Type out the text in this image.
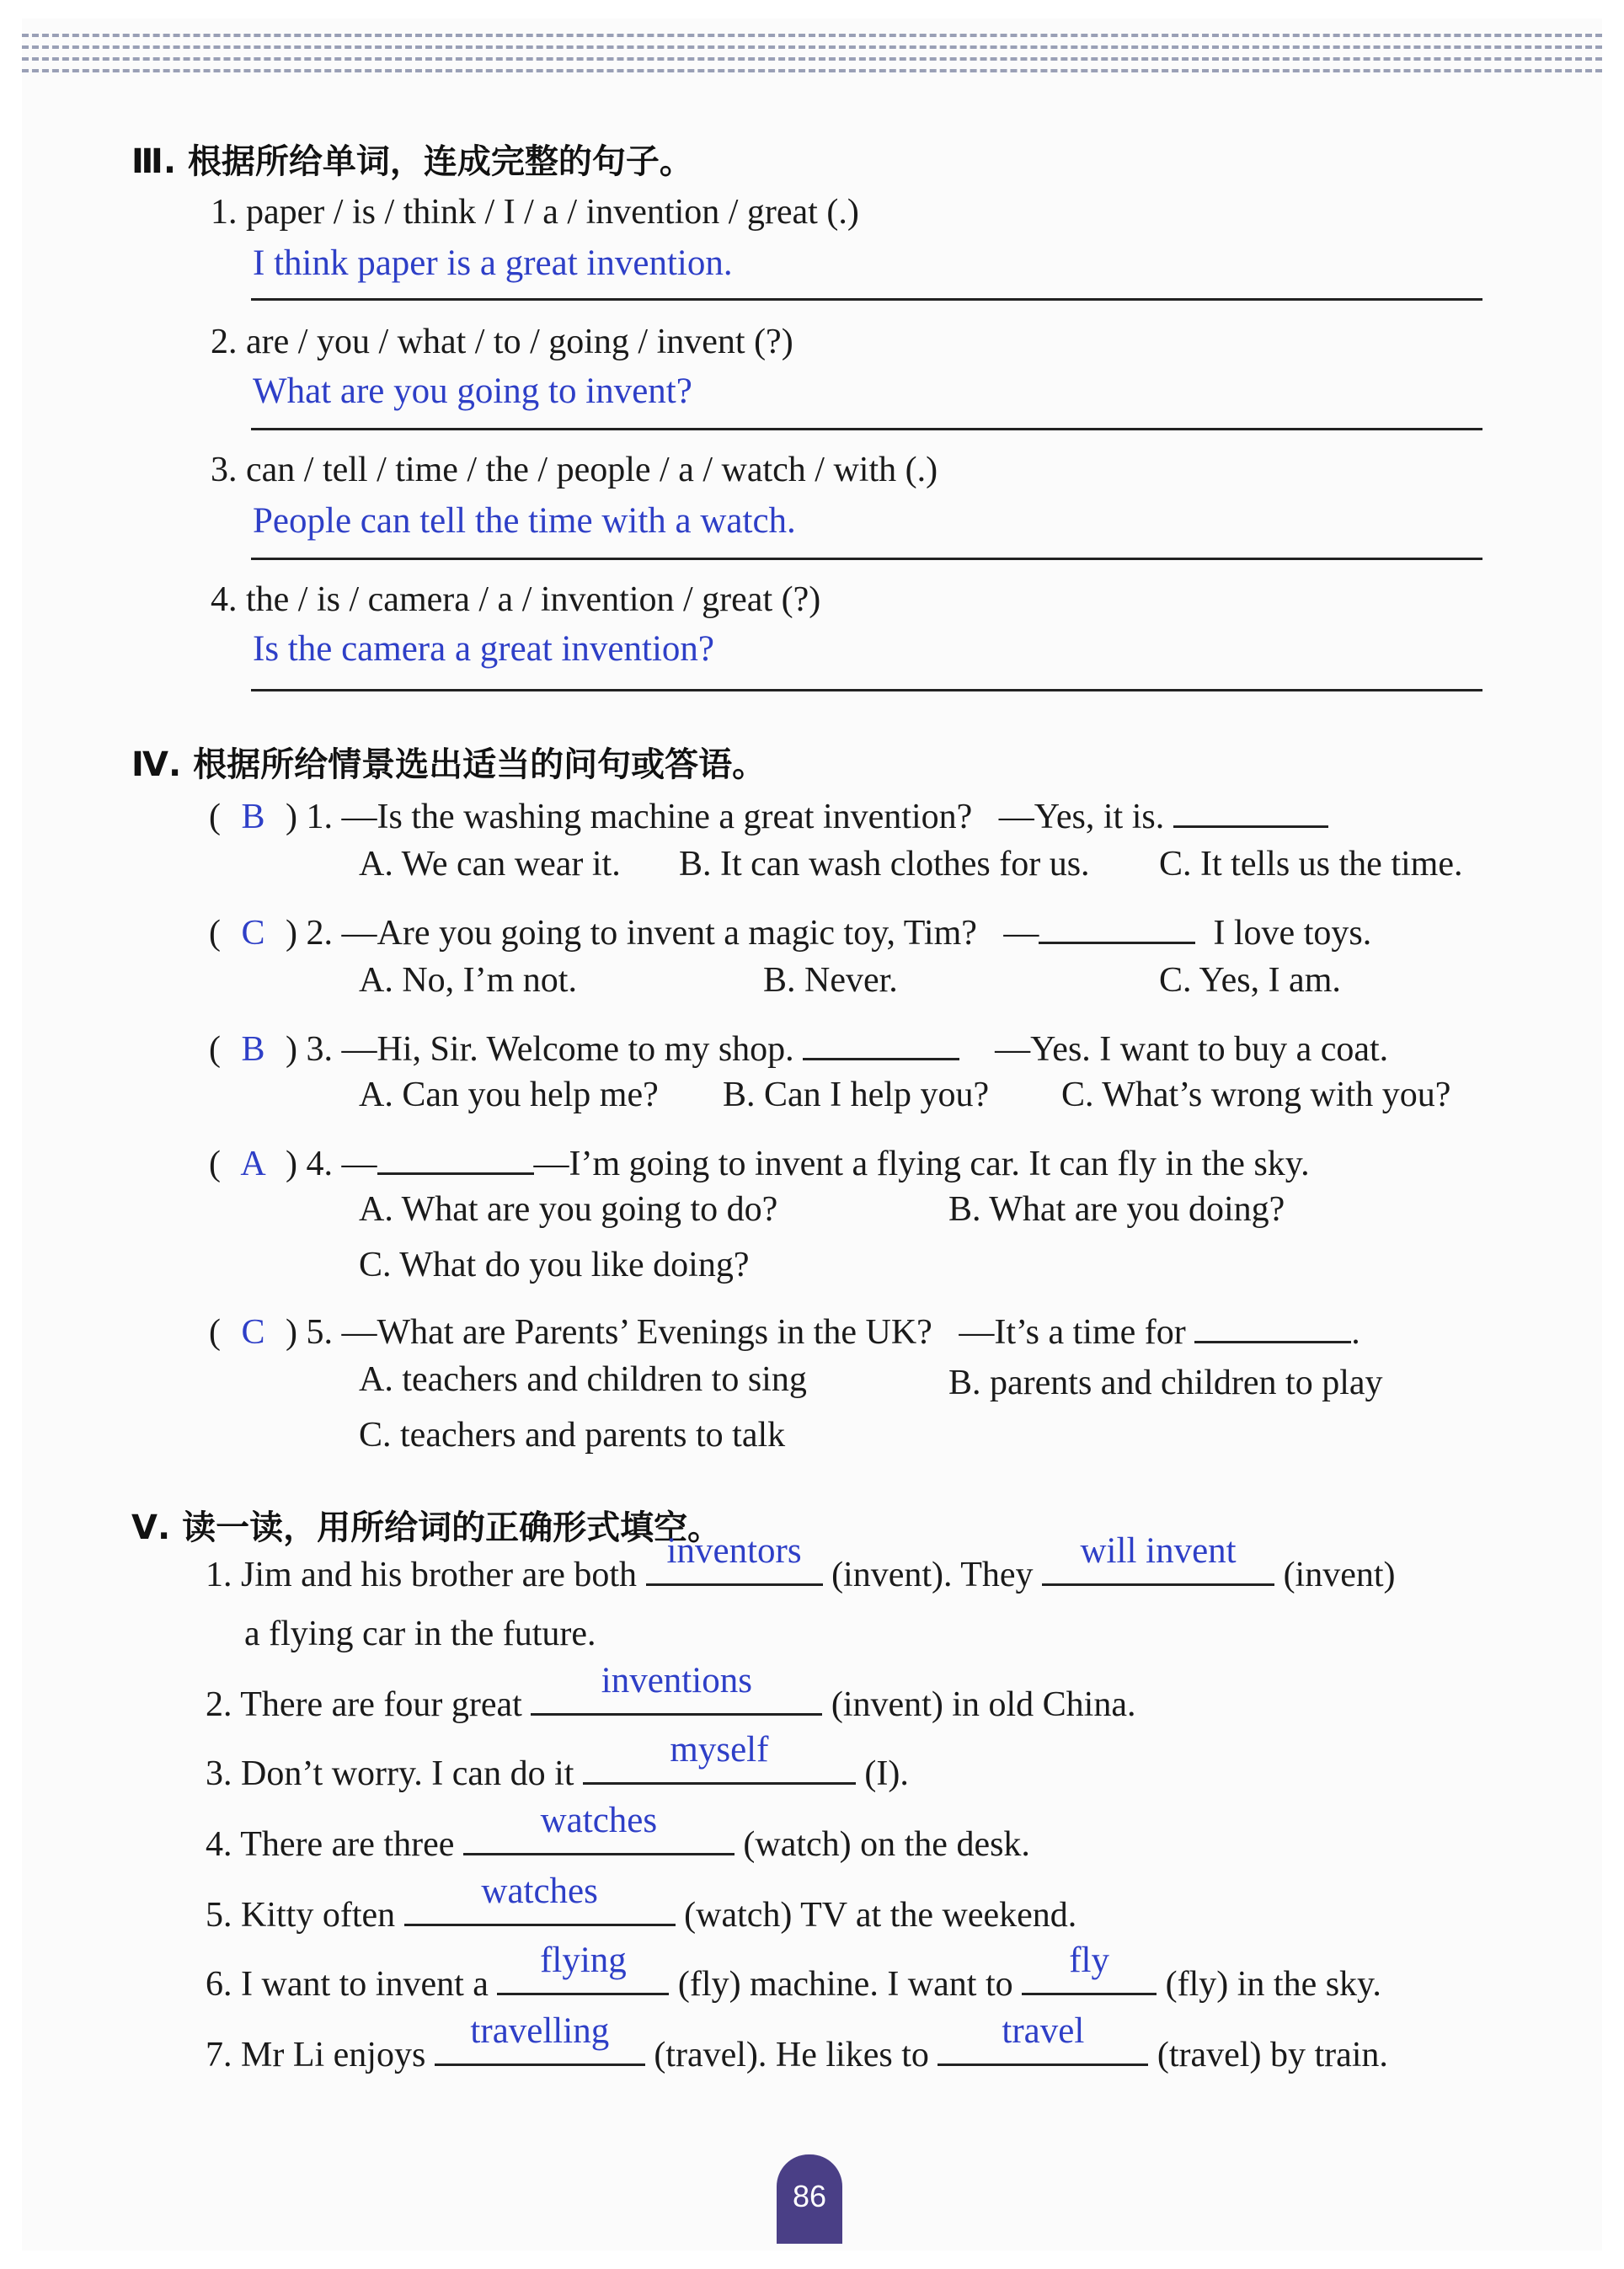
Ⅲ. 根据所给单词，连成完整的句子。
1. paper / is / think / I / a / invention / great (.)
I think paper is a great invention.
2. are / you / what / to / going / invent (?)
What are you going to invent?
3. can / tell / time / the / people / a / watch / with (.)
People can tell the time with a watch.
4. the / is / camera / a / invention / great (?)
Is the camera a great invention?
Ⅳ. 根据所给情景选出适当的问句或答语。
( B ) 1. —Is the washing machine a great invention? —Yes, it is.
A. We can wear it. B. It can wash clothes for us. C. It tells us the time.
( C ) 2. —Are you going to invent a magic toy, Tim?   —	I love toys.
A. No, I’m not.	B. Never.	C. Yes, I am.
( B ) 3. —Hi, Sir. Welcome to my shop.	—Yes. I want to buy a coat.
A. Can you help me? B. Can I help you? C. What’s wrong with you?
( A ) 4. —	—I’m going to invent a flying car. It can fly in the sky.
A. What are you going to do?	B. What are you doing?
C. What do you like doing?
( C ) 5. —What are Parents’ Evenings in the UK? —It’s a time for	.
A. teachers and children to sing	B. parents and children to play
C. teachers and parents to talk
Ⅴ. 读一读，用所给词的正确形式填空。
1. Jim and his brother are both
inventors
(invent). They
will invent
(invent)
a flying car in the future.
2. There are four great
inventions
(invent) in old China.
3. Don’t worry. I can do it
myself
(I).
4. There are three
watches
(watch) on the desk.
5. Kitty often
watches
(watch) TV at the weekend.
6. I want to invent a
flying
(fly) machine. I want to
fly
(fly) in the sky.
7. Mr Li enjoys
travelling
(travel). He likes to
travel
(travel) by train.
86
